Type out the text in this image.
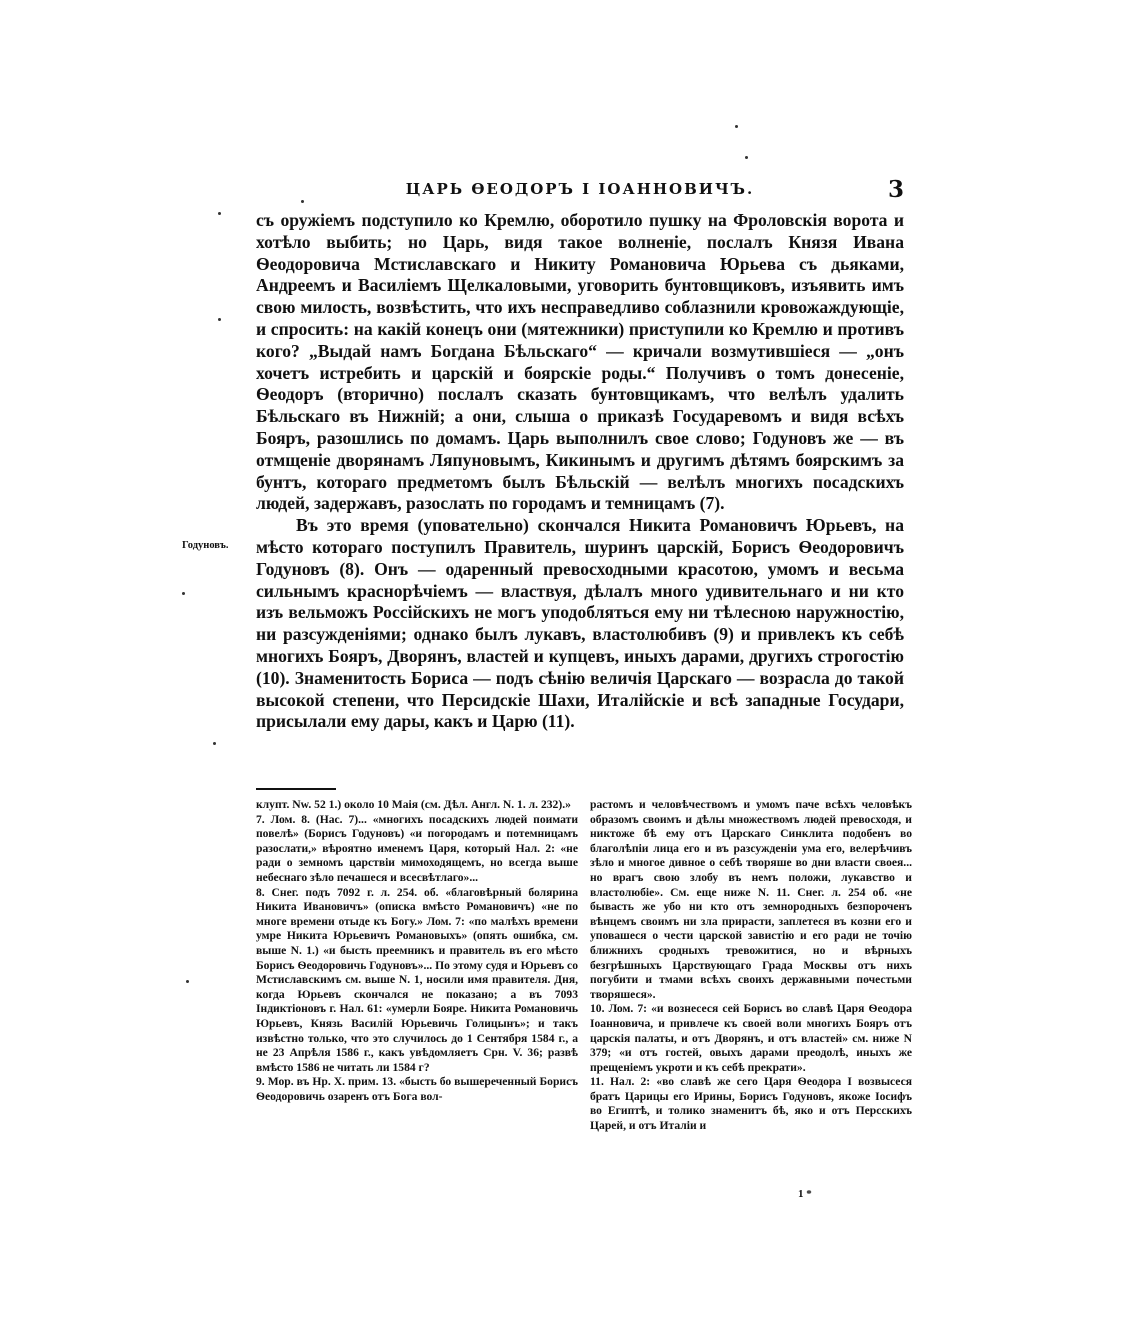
ЦАРЬ ѲЕОДОРЪ I ІОАННОВИЧЪ.	3
Годуновъ.

съ оружіемъ подступило ко Кремлю, оборотило пушку на Фроловскія ворота и хотѣло выбить; но Царь, видя такое волненіе, послалъ Князя Ивана Ѳеодоровича Мстиславскаго и Никиту Романовича Юрьева съ дьяками, Андреемъ и Василіемъ Щелкаловыми, уговорить бунтовщиковъ, изъявить имъ свою милость, возвѣстить, что ихъ несправедливо соблазнили кровожаждующіе, и спросить: на какій конецъ они (мятежники) приступили ко Кремлю и противъ кого? „Выдай намъ Богдана Бѣльскаго“ — кричали возмутившіеся — „онъ хочетъ истребить и царскій и боярскіе роды.“ Получивъ о томъ донесеніе, Ѳеодоръ (вторично) послалъ сказать бунтовщикамъ, что велѣлъ удалить Бѣльскаго въ Нижній; а они, слыша о приказѣ Государевомъ и видя всѣхъ Бояръ, разошлись по домамъ. Царь выполнилъ свое слово; Годуновъ же — въ отмщеніе дворянамъ Ляпуновымъ, Кикинымъ и другимъ дѣтямъ боярскимъ за бунтъ, котораго предметомъ былъ Бѣльскій — велѣлъ многихъ посадскихъ людей, задержавъ, разослать по городамъ и темницамъ (7).

Въ это время (уповательно) скончался Никита Романовичъ Юрьевъ, на мѣсто котораго поступилъ Правитель, шуринъ царскій, Борисъ Ѳеодоровичъ Годуновъ (8). Онъ — одаренный превосходными красотою, умомъ и весьма сильнымъ краснорѣчіемъ — властвуя, дѣлалъ много удивительнаго и ни кто изъ вельможъ Россійскихъ не могъ уподобляться ему ни тѣлесною наружностію, ни разсужденіями; однако былъ лукавъ, властолюбивъ (9) и привлекъ къ себѣ многихъ Бояръ, Дворянъ, властей и купцевъ, иныхъ дарами, другихъ строгостію (10). Знаменитость Бориса — подъ сѣнію величія Царскаго — возрасла до такой высокой степени, что Персидскіе Шахи, Италійскіе и всѣ западные Государи, присылали ему дары, какъ и Царю (11).

клупт. Nw. 52 1.) около 10 Мaія (см. Дѣл. Англ. N. 1. л. 232).»

7. Лом. 8. (Нас. 7)... «многихъ посадскихъ людей поимати повелѣ» (Борисъ Годуновъ) «и погородамъ и потемницамъ разослати,» вѣроятно именемъ Царя, который Нал. 2: «не ради о земномъ царствіи мимоходящемъ, но всегда выше небеснаго зѣло печашеся и всесвѣтлаго»...

8. Снег. подъ 7092 г. л. 254. об. «благовѣрный болярина Никита Ивановичъ» (описка вмѣсто Романовичъ) «не по многе времени отыде къ Богу.» Лом. 7: «по малѣхъ времени умре Никита Юрьевичъ Романовыхъ» (опять ошибка, см. выше N. 1.) «и бысть преемникъ и правитель въ его мѣсто Борисъ Ѳеодоровичь Годуновъ»... По этому судя и Юрьевъ со Мстиславскимъ см. выше N. 1, носили имя правителя. Дня, когда Юрьевъ скончался не показано; а въ 7093 Індиктіоновъ г. Нал. 61: «умерли Бояре. Никита Романовичь Юрьевъ, Князь Василій Юрьевичь Голицынъ»; и такъ извѣстно только, что это случилось до 1 Сентября 1584 г., а не 23 Апрѣля 1586 г., какъ увѣдомляетъ Срн. V. 36; развѣ вмѣсто 1586 не читать ли 1584 г?

9. Мор. въ Нр. X. прим. 13. «бысть бо вышереченный Борисъ Ѳеодоровичь озаренъ отъ Бога вол-

растомъ и человѣчествомъ и умомъ паче всѣхъ человѣкъ образомъ своимъ и дѣлы множествомъ людей превосходя, и никтоже бѣ ему отъ Царскаго Синклита подобенъ во благолѣпіи лица его и въ разсужденіи ума его, велерѣчивъ зѣло и многое дивное о себѣ творяше во дни власти своея... но врагъ свою злобу въ немъ положи, лукавство и властолюбіе». См. еще ниже N. 11. Снег. л. 254 об. «не бывасть же убо ни кто отъ земнородныхъ безпороченъ вѣнцемъ своимъ ни зла прирасти, заплетеся въ козни его и уповашеся о чести царской завистію и его ради не точію ближнихъ сродныхъ тревожитися, но и вѣрныхъ безгрѣшныхъ Царствующаго Града Москвы отъ нихъ погубити и тмами всѣхъ своихъ державными почестьми творяшеся».

10. Лом. 7: «и вознесеся сей Борисъ во славѣ Царя Ѳеодора Іоанновича, и привлече къ своей воли многихъ Бояръ отъ царскія палаты, и отъ Дворянъ, и отъ властей» см. ниже N 379; «и отъ гостей, овыхъ дарами преодолѣ, иныхъ же прещеніемъ укроти и къ себѣ прекрати».

11. Нал. 2: «во славѣ же сего Царя Ѳеодора I возвысеся братъ Царицы его Ирины, Борисъ Годуновъ, якоже Іосифъ во Египтѣ, и толико знаменитъ бѣ, яко и отъ Персскихъ Царей, и отъ Италіи и

1 *
